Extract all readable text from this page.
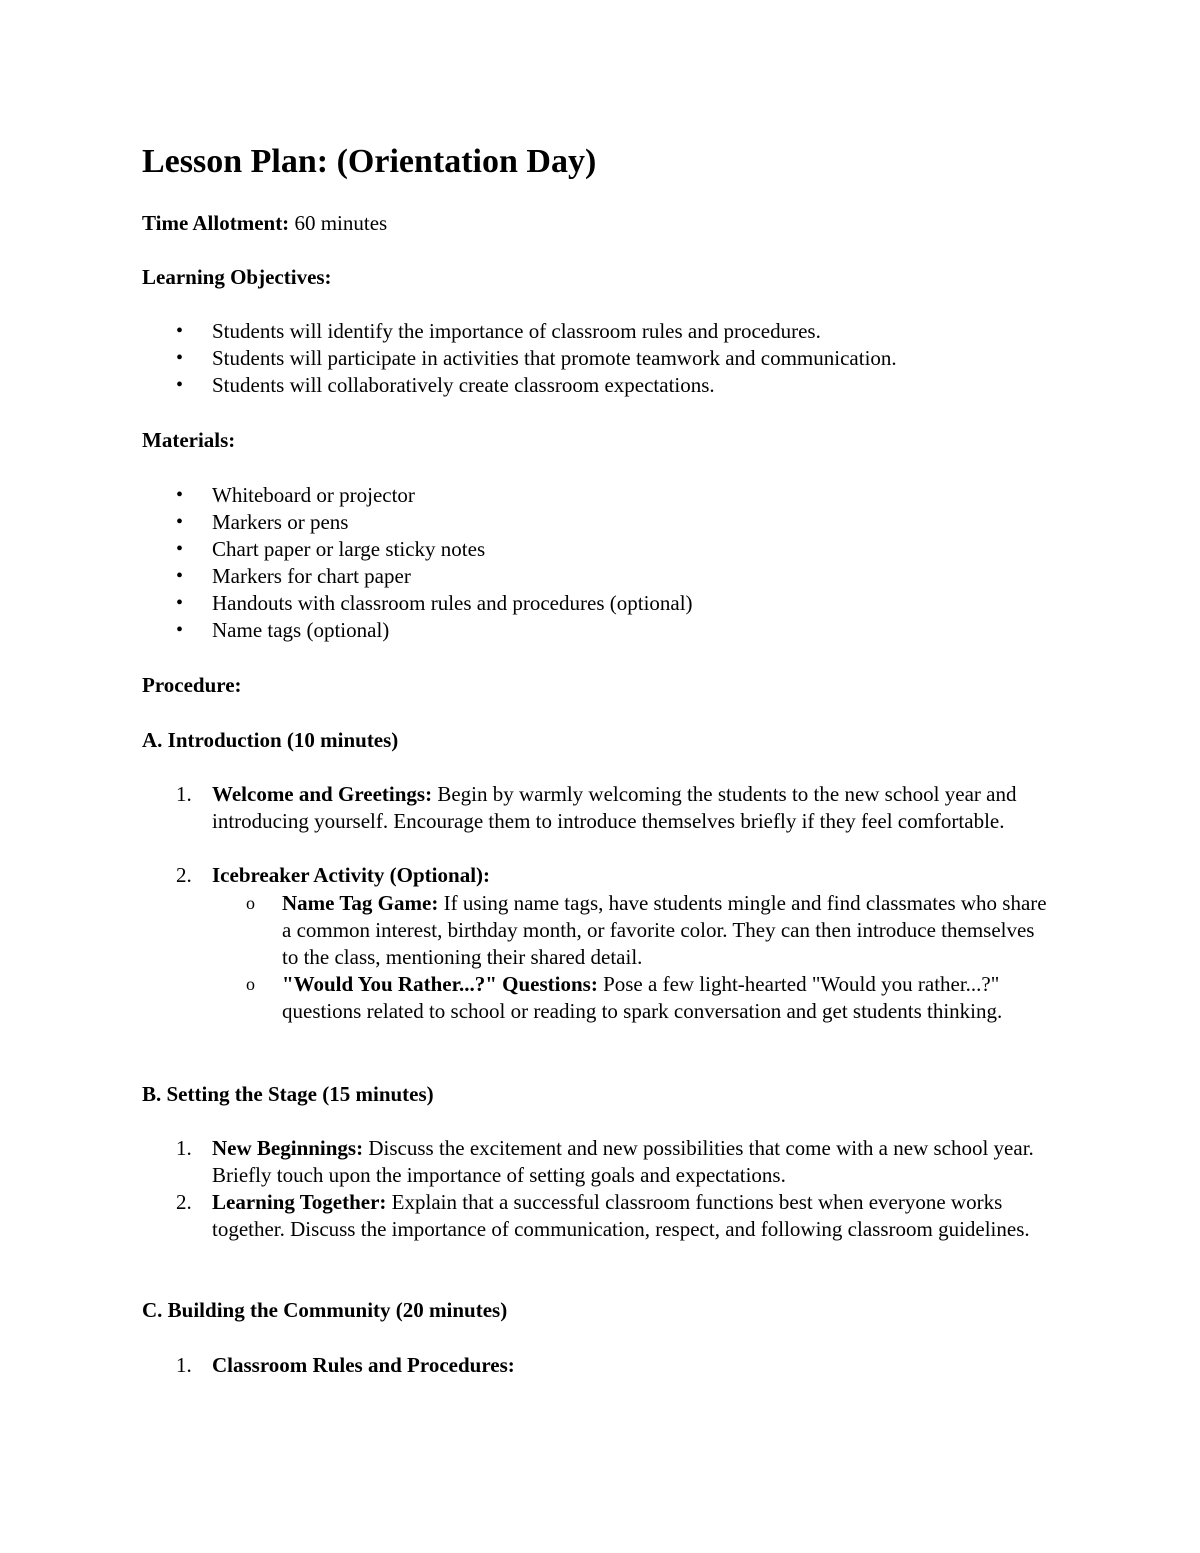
Lesson Plan: (Orientation Day)
Time Allotment: 60 minutes
Learning Objectives:
• Students will identify the importance of classroom rules and procedures.
• Students will participate in activities that promote teamwork and communication.
• Students will collaboratively create classroom expectations.
Materials:
• Whiteboard or projector
• Markers or pens
• Chart paper or large sticky notes
• Markers for chart paper
• Handouts with classroom rules and procedures (optional)
• Name tags (optional)
Procedure:
A. Introduction (10 minutes)
1. Welcome and Greetings: Begin by warmly welcoming the students to the new school year and introducing yourself. Encourage them to introduce themselves briefly if they feel comfortable.
2. Icebreaker Activity (Optional):
o Name Tag Game: If using name tags, have students mingle and find classmates who share a common interest, birthday month, or favorite color. They can then introduce themselves to the class, mentioning their shared detail.
o "Would You Rather...?" Questions: Pose a few light-hearted "Would you rather...?" questions related to school or reading to spark conversation and get students thinking.
B. Setting the Stage (15 minutes)
1. New Beginnings: Discuss the excitement and new possibilities that come with a new school year. Briefly touch upon the importance of setting goals and expectations.
2. Learning Together: Explain that a successful classroom functions best when everyone works together. Discuss the importance of communication, respect, and following classroom guidelines.
C. Building the Community (20 minutes)
1. Classroom Rules and Procedures:
